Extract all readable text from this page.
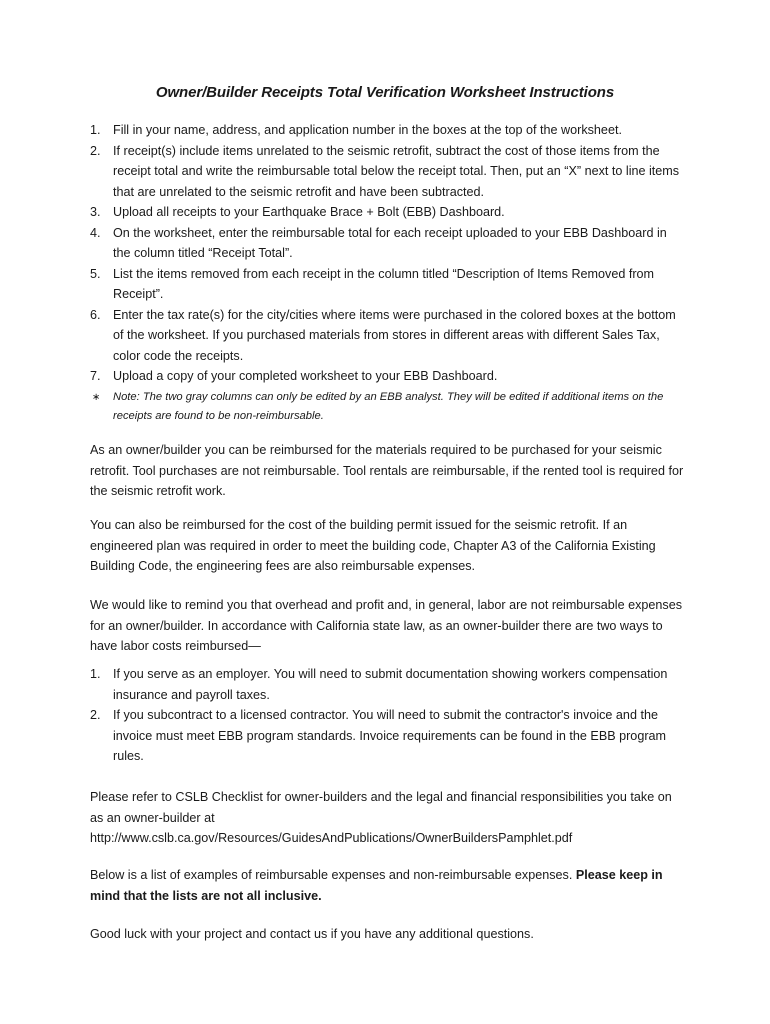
Owner/Builder Receipts Total Verification Worksheet Instructions
1. Fill in your name, address, and application number in the boxes at the top of the worksheet.
2. If receipt(s) include items unrelated to the seismic retrofit, subtract the cost of those items from the receipt total and write the reimbursable total below the receipt total. Then, put an “X” next to line items that are unrelated to the seismic retrofit and have been subtracted.
3. Upload all receipts to your Earthquake Brace + Bolt (EBB) Dashboard.
4. On the worksheet, enter the reimbursable total for each receipt uploaded to your EBB Dashboard in the column titled “Receipt Total”.
5. List the items removed from each receipt in the column titled “Description of Items Removed from Receipt”.
6. Enter the tax rate(s) for the city/cities where items were purchased in the colored boxes at the bottom of the worksheet. If you purchased materials from stores in different areas with different Sales Tax, color code the receipts.
7. Upload a copy of your completed worksheet to your EBB Dashboard.
∗ Note: The two gray columns can only be edited by an EBB analyst. They will be edited if additional items on the receipts are found to be non-reimbursable.
As an owner/builder you can be reimbursed for the materials required to be purchased for your seismic retrofit. Tool purchases are not reimbursable. Tool rentals are reimbursable, if the rented tool is required for the seismic retrofit work.
You can also be reimbursed for the cost of the building permit issued for the seismic retrofit. If an engineered plan was required in order to meet the building code, Chapter A3 of the California Existing Building Code, the engineering fees are also reimbursable expenses.
We would like to remind you that overhead and profit and, in general, labor are not reimbursable expenses for an owner/builder. In accordance with California state law, as an owner-builder there are two ways to have labor costs reimbursed—
1. If you serve as an employer. You will need to submit documentation showing workers compensation insurance and payroll taxes.
2. If you subcontract to a licensed contractor. You will need to submit the contractor's invoice and the invoice must meet EBB program standards. Invoice requirements can be found in the EBB program rules.
Please refer to CSLB Checklist for owner-builders and the legal and financial responsibilities you take on as an owner-builder at http://www.cslb.ca.gov/Resources/GuidesAndPublications/OwnerBuildersPamphlet.pdf
Below is a list of examples of reimbursable expenses and non-reimbursable expenses. Please keep in mind that the lists are not all inclusive.
Good luck with your project and contact us if you have any additional questions.
